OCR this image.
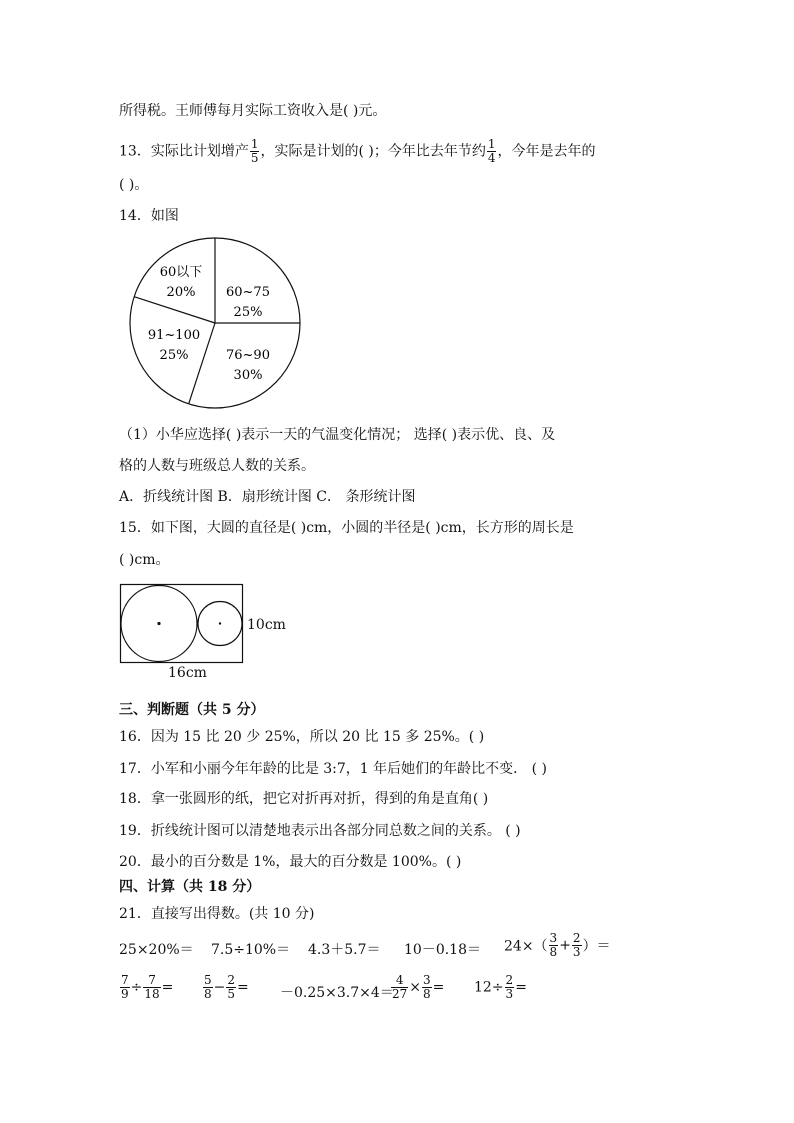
所得税。王师傅每月实际工资收入是( )元。
13．实际比计划增产 $\frac{1}{5}$ ，实际是计划的( )；今年比去年节约 $\frac{1}{4}$ ，今年是去年的
( )。
14．如图
60以下
20% 60~75
25%
76~90
30%
91~100
25%
（1）小华应选择( )表示一天的气温变化情况； 选择( )表示优、良、及
格的人数与班级总人数的关系。
A．折线统计图 B．扇形统计图 C． 条形统计图
15．如下图，大圆的直径是( )cm，小圆的半径是( )cm，长方形的周长是
( )cm。
10cm
16cm
三、判断题（共 5 分）
16．因为 15 比 20 少 25%，所以 20 比 15 多 25%。( )
17．小军和小丽今年年龄的比是 3:7，1 年后她们的年龄比不变． ( )
18．拿一张圆形的纸，把它对折再对折，得到的角是直角( )
19．折线统计图可以清楚地表示出各部分同总数之间的关系。 ( )
20．最小的百分数是 1%，最大的百分数是 100%。( )
四、计算（共 18 分）
21．直接写出得数。(共 10 分)
$25\times 20\%= 7.5\div 10\%= 4.3+5.7= 10-0.18= 24\times( \frac{3}{8} + \frac{2}{3}$ ）＝
$\frac{7}{9} \div \frac{7}{18} = \frac{5}{8} - \frac{2}{5} = -0.25\times 3.7\times 4=$
$\frac{4}{27} \times \frac{3}{8} = 12\div \frac{2}{3}$ =
